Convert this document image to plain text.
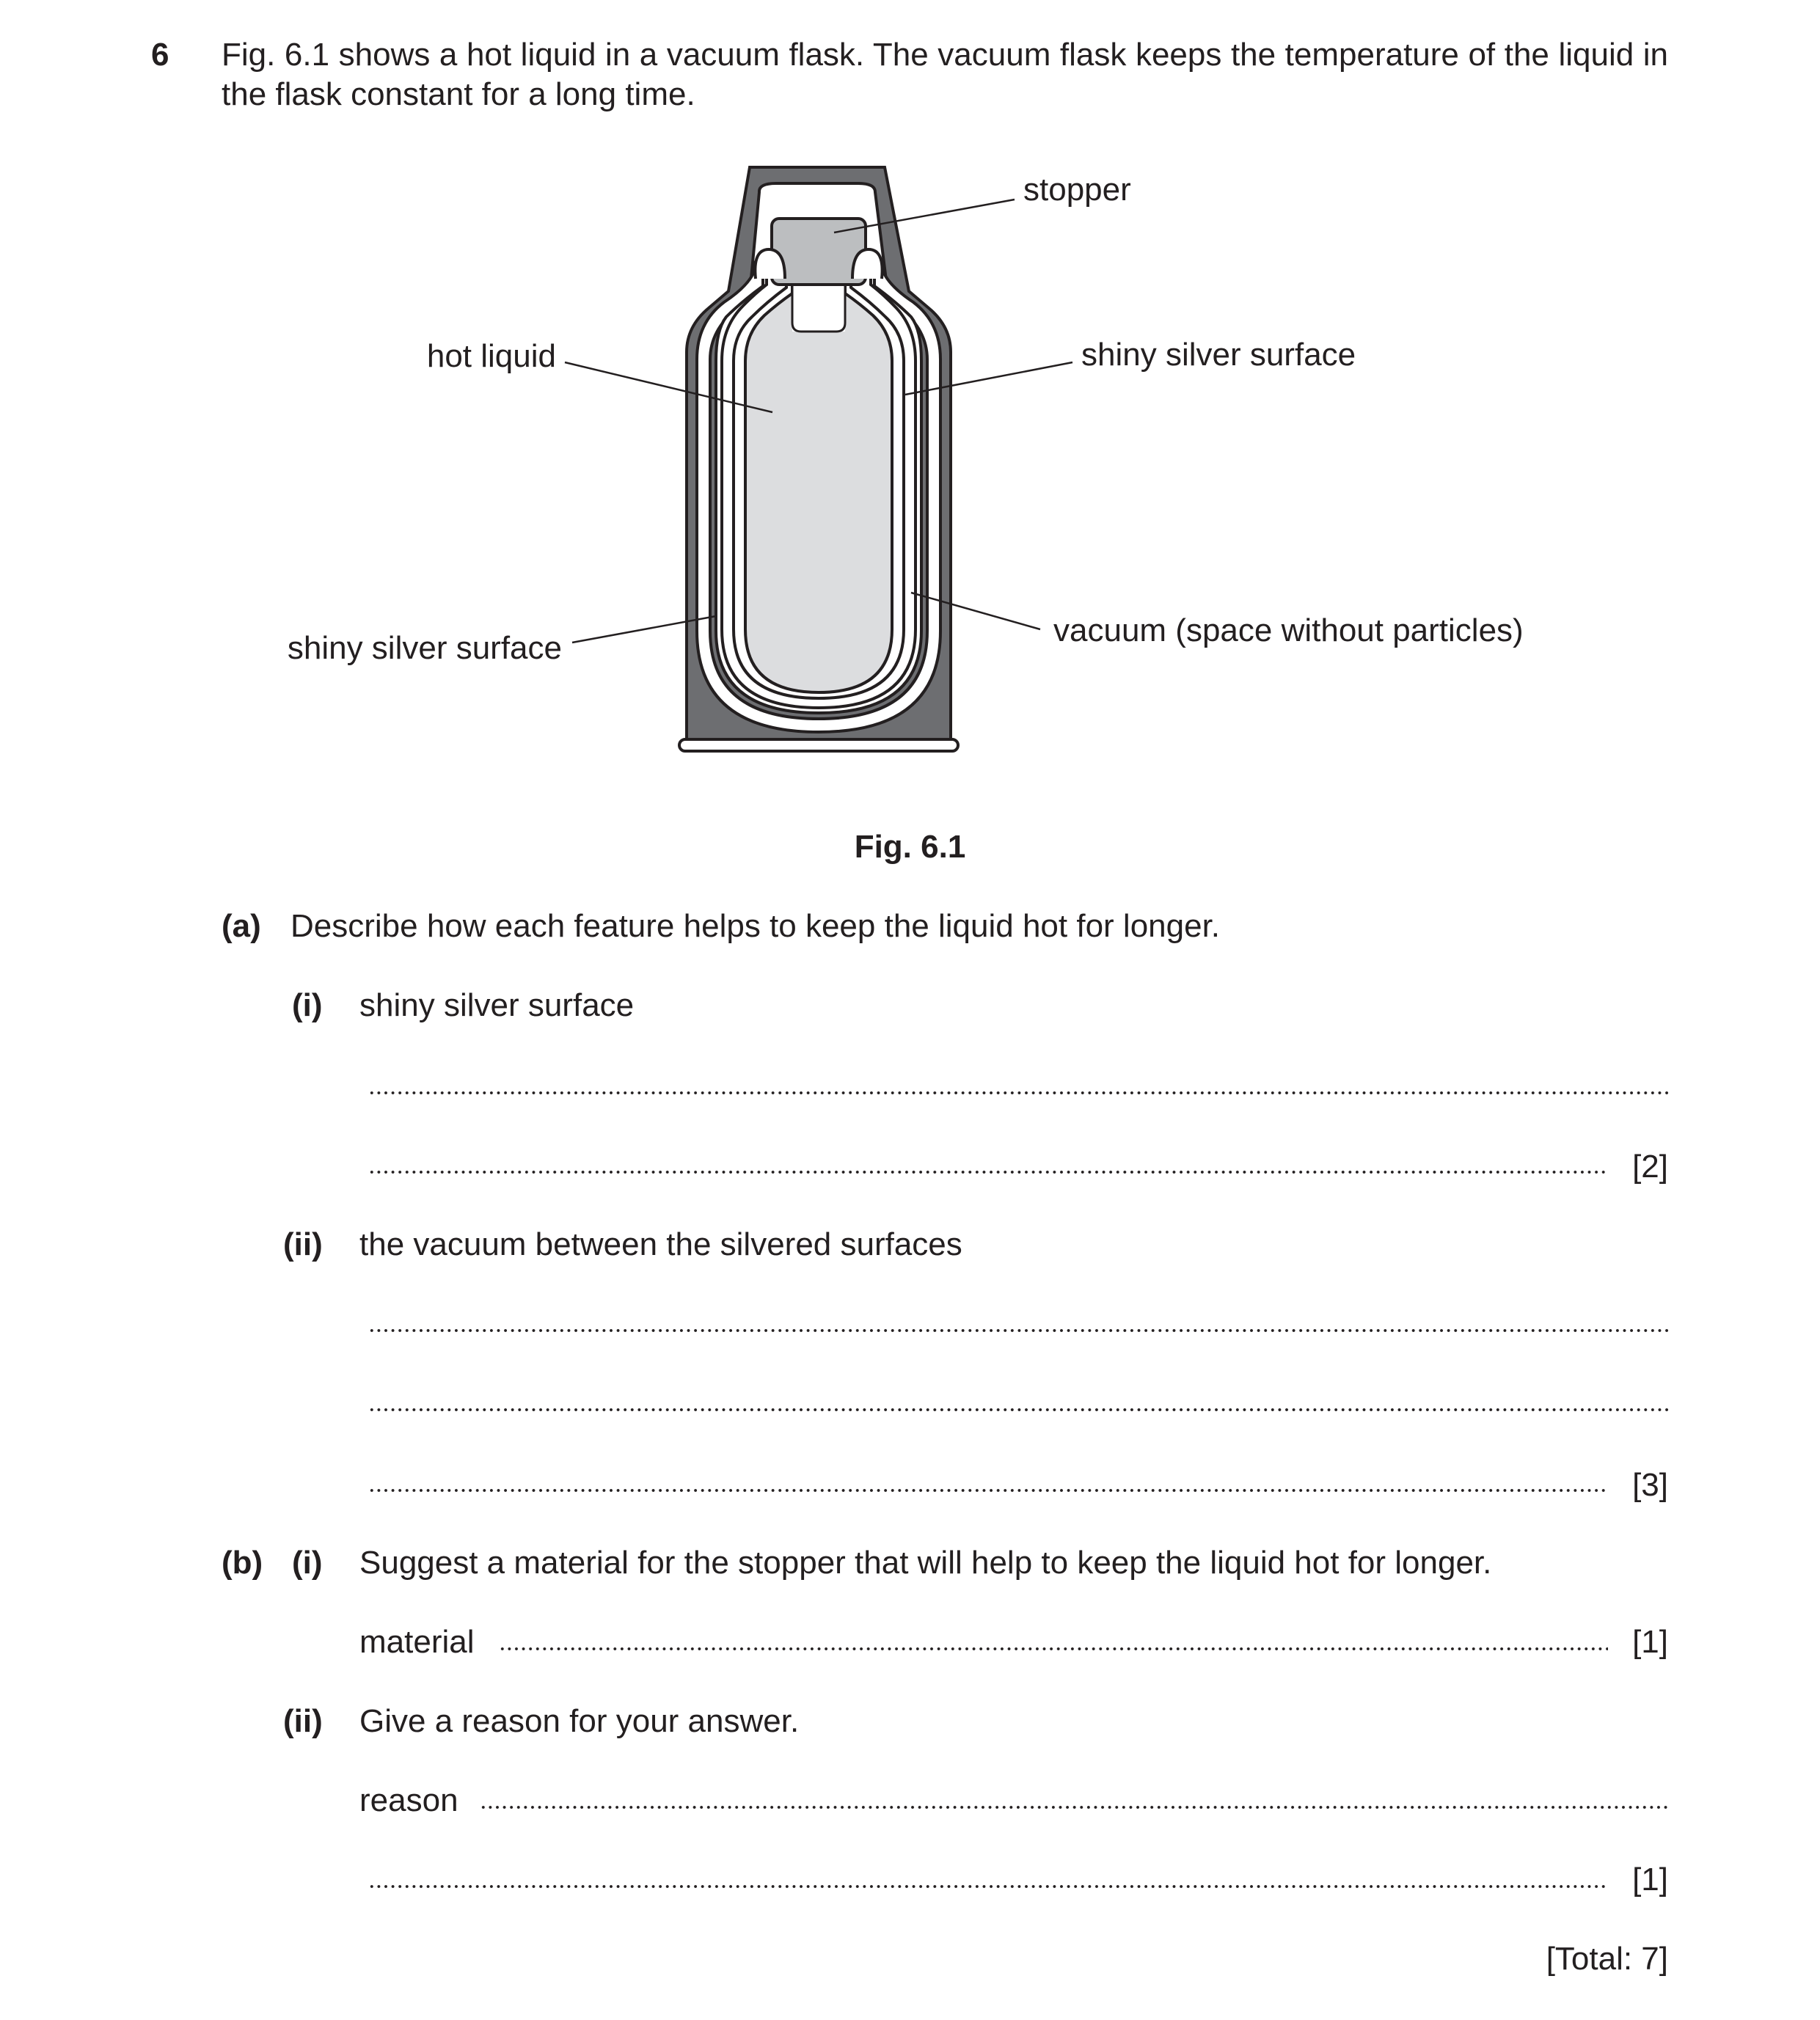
6 Fig. 6.1 shows a hot liquid in a vacuum flask. The vacuum flask keeps the temperature of the liquid in the flask constant for a long time.
stopper
hot liquid	shiny silver surface
vacuum (space without particles)
shiny silver surface
Fig. 6.1
(a) Describe how each feature helps to keep the liquid hot for longer.
(i) shiny silver surface
[2]
(ii) the vacuum between the silvered surfaces
[3]
(b) (i) Suggest a material for the stopper that will help to keep the liquid hot for longer.
material	[1]
(ii) Give a reason for your answer.
reason
[1]
[Total: 7]
